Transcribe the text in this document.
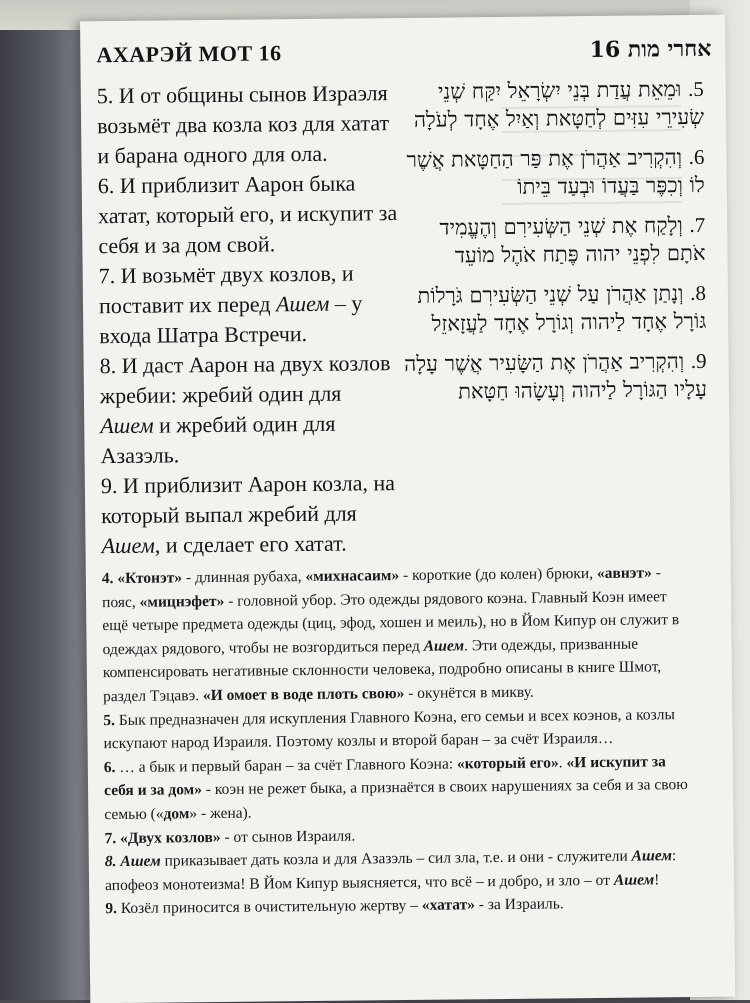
АХАРЭЙ МОТ 16	אחרי מות 16

5. И от общины сынов Израэля возьмёт два козла коз для хатат и барана одного для ола.

6. И приблизит Аарон быка хатат, который его, и искупит за себя и за дом свой.

7. И возьмёт двух козлов, и поставит их перед Ашем – у входа Шатра Встречи.

8. И даст Аарон на двух козлов жребии: жребий один для Ашем и жребий один для Азазэль.

9. И приблизит Аарон козла, на который выпал жребий для Ашем, и сделает его хатат.

5. וּמֵאֵת עֲדַת בְּנֵי יִשְׂרָאֵל יִקַּח שְׁנֵי שְׂעִירֵי עִזִּים לְחַטָּאת וְאַיִל אֶחָד לְעֹלָה

6. וְהִקְרִיב אַהֲרֹן אֶת פַּר הַחַטָּאת אֲשֶׁר לוֹ וְכִפֶּר בַּעֲדוֹ וּבְעַד בֵּיתוֹ

7. וְלָקַח אֶת שְׁנֵי הַשְּׂעִירִם וְהֶעֱמִיד אֹתָם לִפְנֵי יהוה פֶּתַח אֹהֶל מוֹעֵד

8. וְנָתַן אַהֲרֹן עַל שְׁנֵי הַשְּׂעִירִם גֹּרָלוֹת גּוֹרָל אֶחָד לַיהוה וְגוֹרָל אֶחָד לַעֲזָאזֵל

9. וְהִקְרִיב אַהֲרֹן אֶת הַשָּׂעִיר אֲשֶׁר עָלָה עָלָיו הַגּוֹרָל לַיהוה וְעָשָׂהוּ חַטָּאת

4. «Ктонэт» - длинная рубаха, «михнасаим» - короткие (до колен) брюки, «авнэт» - пояс, «мицнэфет» - головной убор. Это одежды рядового коэна. Главный Коэн имеет ещё четыре предмета одежды (циц, эфод, хошен и меиль), но в Йом Кипур он служит в одеждах рядового, чтобы не возгордиться перед Ашем. Эти одежды, призванные компенсировать негативные склонности человека, подробно описаны в книге Шмот, раздел Тэцавэ. «И омоет в воде плоть свою» - окунётся в микву.

5. Бык предназначен для искупления Главного Коэна, его семьи и всех коэнов, а козлы искупают народ Израиля. Поэтому козлы и второй баран – за счёт Израиля…

6. … а бык и первый баран – за счёт Главного Коэна: «который его». «И искупит за себя и за дом» - коэн не режет быка, а признаётся в своих нарушениях за себя и за свою семью («дом» - жена).

7. «Двух козлов» - от сынов Израиля.

8. Ашем приказывает дать козла и для Азазэль – сил зла, т.е. и они - служители Ашем: апофеоз монотеизма! В Йом Кипур выясняется, что всё – и добро, и зло – от Ашем!

9. Козёл приносится в очистительную жертву – «хатат» - за Израиль.
